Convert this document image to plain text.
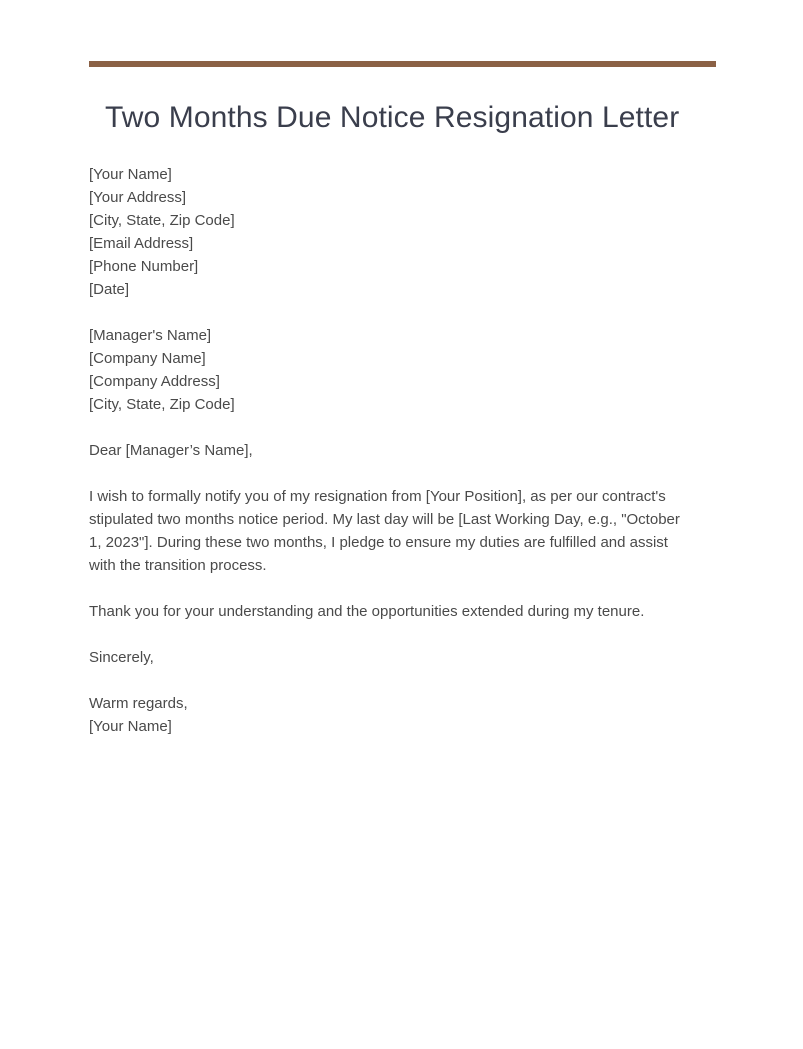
Two Months Due Notice Resignation Letter

[Your Name]
[Your Address]
[City, State, Zip Code]
[Email Address]
[Phone Number]
[Date]

[Manager's Name]
[Company Name]
[Company Address]
[City, State, Zip Code]

Dear [Manager’s Name],

I wish to formally notify you of my resignation from [Your Position], as per our contract's stipulated two months notice period. My last day will be [Last Working Day, e.g., "October 1, 2023"]. During these two months, I pledge to ensure my duties are fulfilled and assist with the transition process.

Thank you for your understanding and the opportunities extended during my tenure.

Sincerely,

Warm regards,
[Your Name]
